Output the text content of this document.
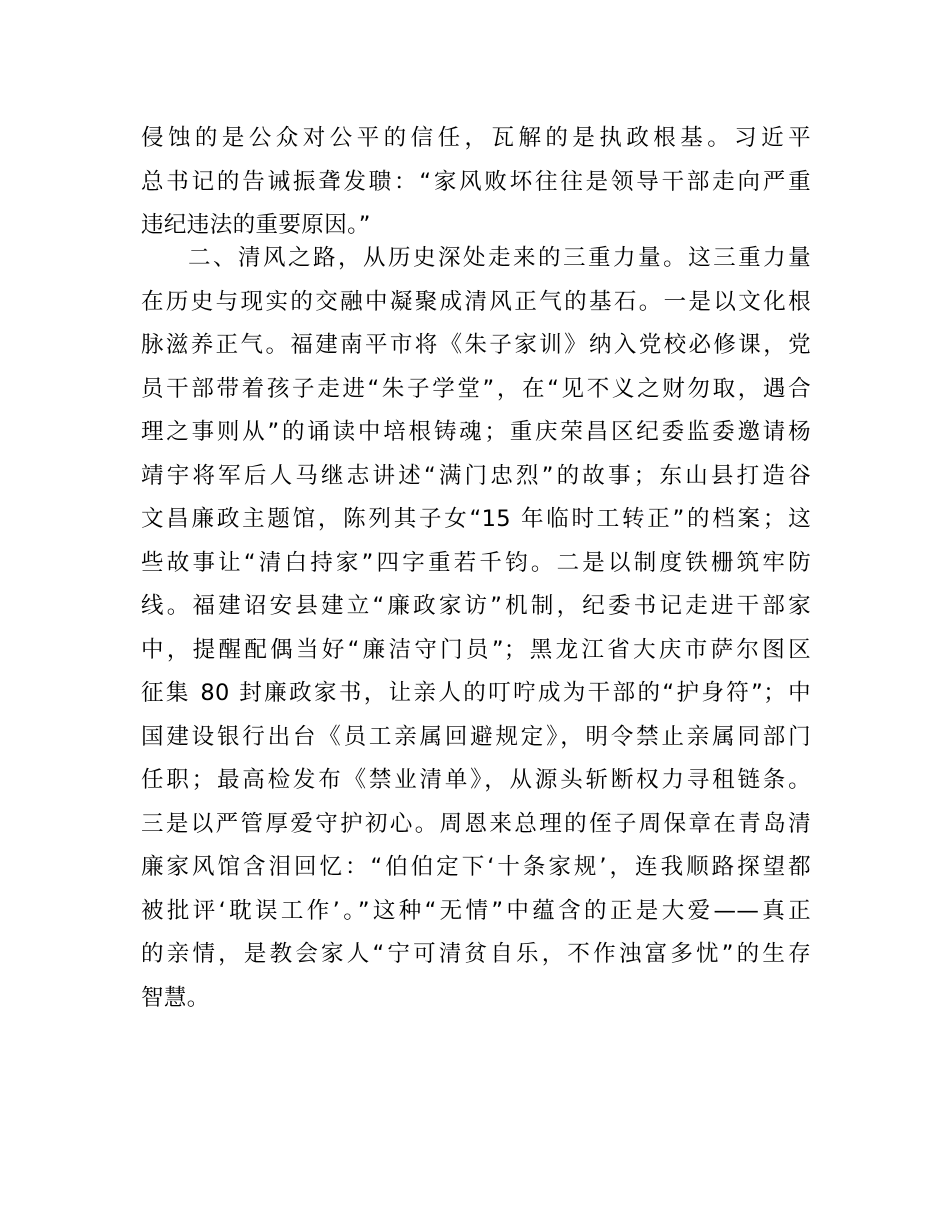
侵蚀的是公众对公平的信任，瓦解的是执政根基。习近平
总书记的告诫振聋发聩：“家风败坏往往是领导干部走向严重
违纪违法的重要原因。”
二、清风之路，从历史深处走来的三重力量。这三重力量
在历史与现实的交融中凝聚成清风正气的基石。一是以文化根
脉滋养正气。福建南平市将《朱子家训》纳入党校必修课，党
员干部带着孩子走进“朱子学堂”，在“见不义之财勿取，遇合
理之事则从”的诵读中培根铸魂；重庆荣昌区纪委监委邀请杨
靖宇将军后人马继志讲述“满门忠烈”的故事；东山县打造谷
文昌廉政主题馆，陈列其子女“15 年临时工转正”的档案；这
些故事让“清白持家”四字重若千钧。二是以制度铁栅筑牢防
线。福建诏安县建立“廉政家访”机制，纪委书记走进干部家
中，提醒配偶当好“廉洁守门员”；黑龙江省大庆市萨尔图区
征集 80 封廉政家书，让亲人的叮咛成为干部的“护身符”；中
国建设银行出台《员工亲属回避规定》，明令禁止亲属同部门
任职；最高检发布《禁业清单》，从源头斩断权力寻租链条。
三是以严管厚爱守护初心。周恩来总理的侄子周保章在青岛清
廉家风馆含泪回忆：“伯伯定下‘十条家规’，连我顺路探望都
被批评‘耽误工作’。”这种“无情”中蕴含的正是大爱——真正
的亲情，是教会家人“宁可清贫自乐，不作浊富多忧”的生存
智慧。
